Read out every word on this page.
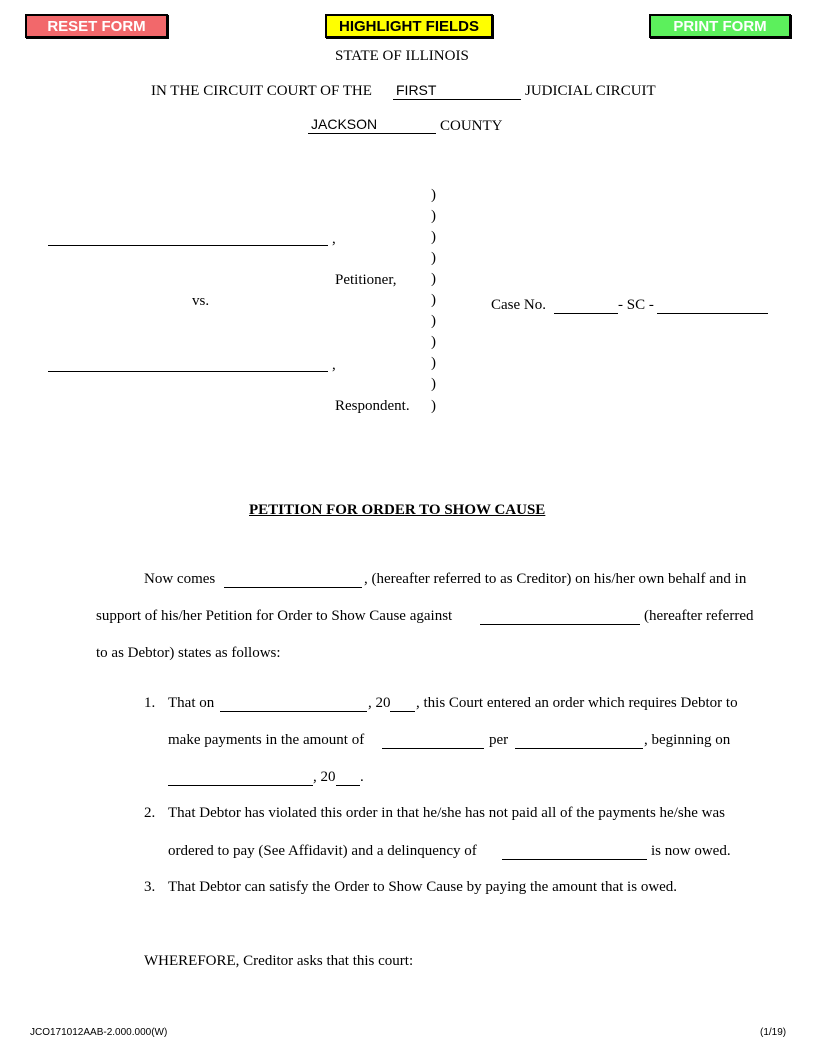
RESET FORM	HIGHLIGHT FIELDS	PRINT FORM
STATE OF ILLINOIS
IN THE CIRCUIT COURT OF THE FIRST	JUDICIAL CIRCUIT
JACKSON	COUNTY
,
Petitioner,
vs.
,
Respondent.
)
)
)
)
)
)
)
)
)
)
)
Case No.	- SC -
PETITION FOR ORDER TO SHOW CAUSE
Now comes	, (hereafter referred to as Creditor) on his/her own behalf and in
support of his/her Petition for Order to Show Cause against	(hereafter referred
to as Debtor) states as follows:
1. That on	, 20 , this Court entered an order which requires Debtor to
make payments in the amount of	per	, beginning on
, 20 .
2. That Debtor has violated this order in that he/she has not paid all of the payments he/she was
ordered to pay (See Affidavit) and a delinquency of	is now owed.
3. That Debtor can satisfy the Order to Show Cause by paying the amount that is owed.
WHEREFORE, Creditor asks that this court:
JCO171012AAB-2.000.000(W)	(1/19)
